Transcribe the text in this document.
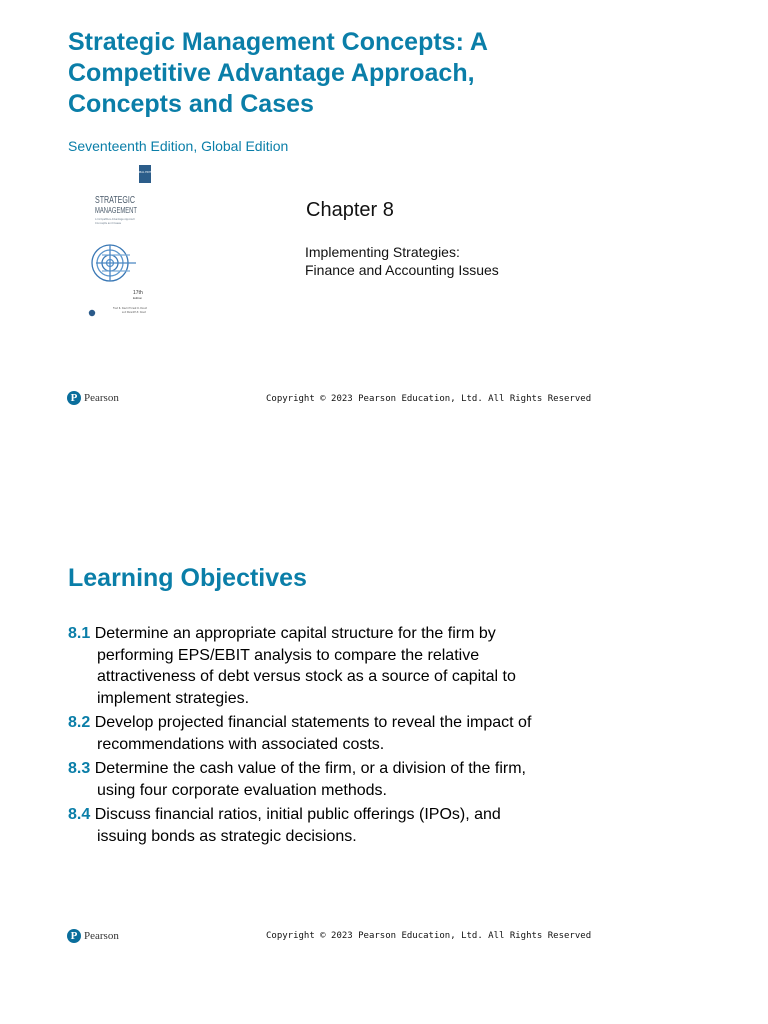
Strategic Management Concepts: A
Competitive Advantage Approach,
Concepts and Cases
Seventeenth Edition, Global Edition
GLOBAL EDITION
STRATEGIC
MANAGEMENT
A Competitive Advantage Approach
Concepts and Cases
17th
Edition
Fred R. David Forest R. David
and Meredith E. David
Chapter 8
Implementing Strategies:
Finance and Accounting Issues
P Pearson	Copyright © 2023 Pearson Education, Ltd. All Rights Reserved
Learning Objectives
8.1 Determine an appropriate capital structure for the firm by performing EPS/EBIT analysis to compare the relative attractiveness of debt versus stock as a source of capital to implement strategies.
8.2 Develop projected financial statements to reveal the impact of recommendations with associated costs.
8.3 Determine the cash value of the firm, or a division of the firm, using four corporate evaluation methods.
8.4 Discuss financial ratios, initial public offerings (IPOs), and issuing bonds as strategic decisions.
P Pearson	Copyright © 2023 Pearson Education, Ltd. All Rights Reserved
